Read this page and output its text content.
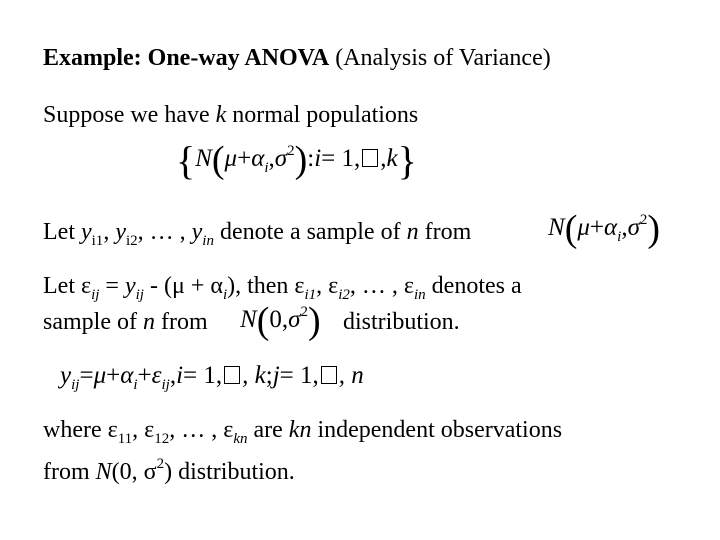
Example: One-way ANOVA (Analysis of Variance)
Suppose we have k normal populations
{N(μ+αi,σ2):i= 1,,k}
Let $y_{i1}$, $y_{i2}$, … , $y_{in}$ denote a sample of n from	N(μ+αi,σ2)
Let $\varepsilon_{ij} = y_{ij} - (\mu + \alpha_i)$, then $\varepsilon_{i1}$, $\varepsilon_{i2}$, … , $\varepsilon_{in}$ denotes a
sample of n from N(0,σ2) distribution.
yij=μ+αi+εij,i= 1, , k;j= 1,, n
where $\varepsilon_{11}$, $\varepsilon_{12}$, … , $\varepsilon_{kn}$ are kn independent observations
from N(0, $\sigma^2$) distribution.
